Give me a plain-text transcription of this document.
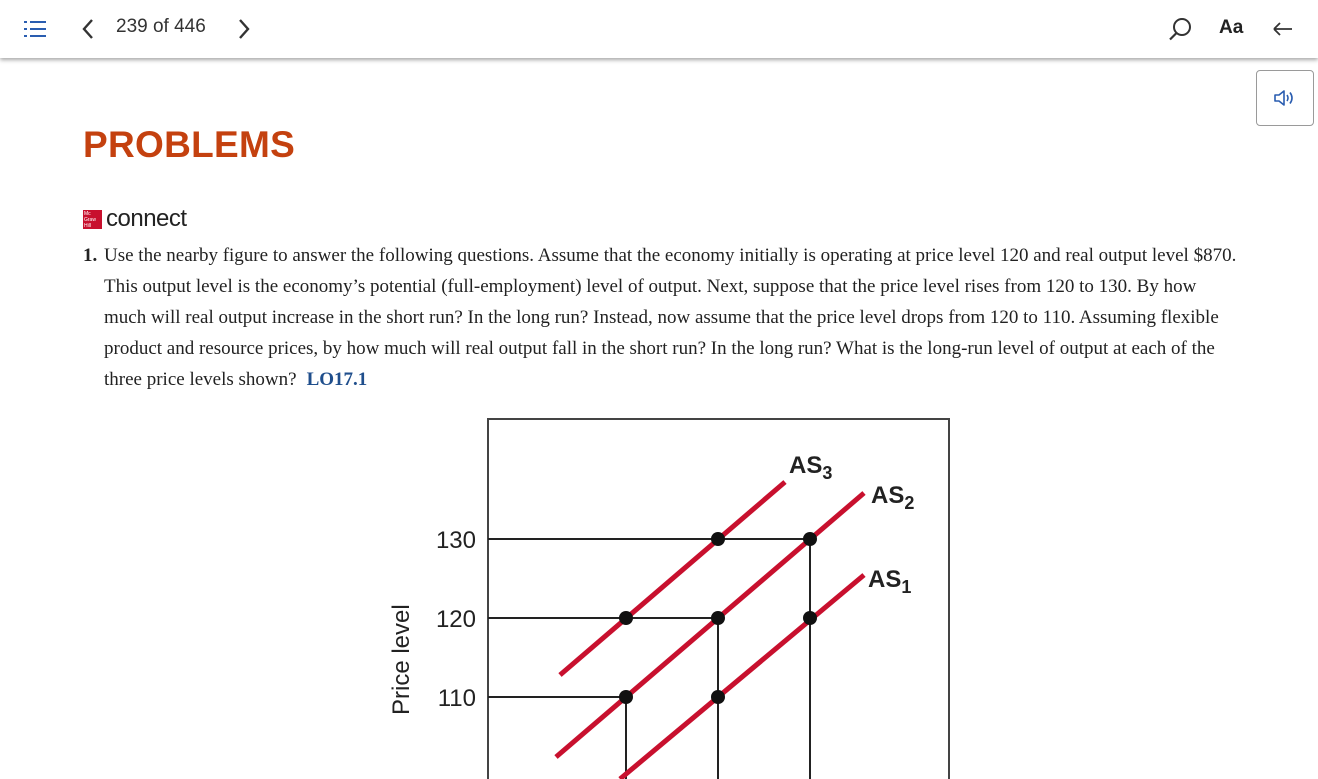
239 of 446	Aa
PROBLEMS
Mc Graw Hill connect
1. Use the nearby figure to answer the following questions. Assume that the economy initially is operating at price level 120 and real output level $870. This output level is the economy’s potential (full-employment) level of output. Next, suppose that the price level rises from 120 to 130. By how much will real output increase in the short run? In the long run? Instead, now assume that the price level drops from 120 to 110. Assuming flexible product and resource prices, by how much will real output fall in the short run? In the long run? What is the long-run level of output at each of the three price levels shown? LO17.1
130
120
110
Price level
$AS_3$
$AS_2$
$AS_1$
